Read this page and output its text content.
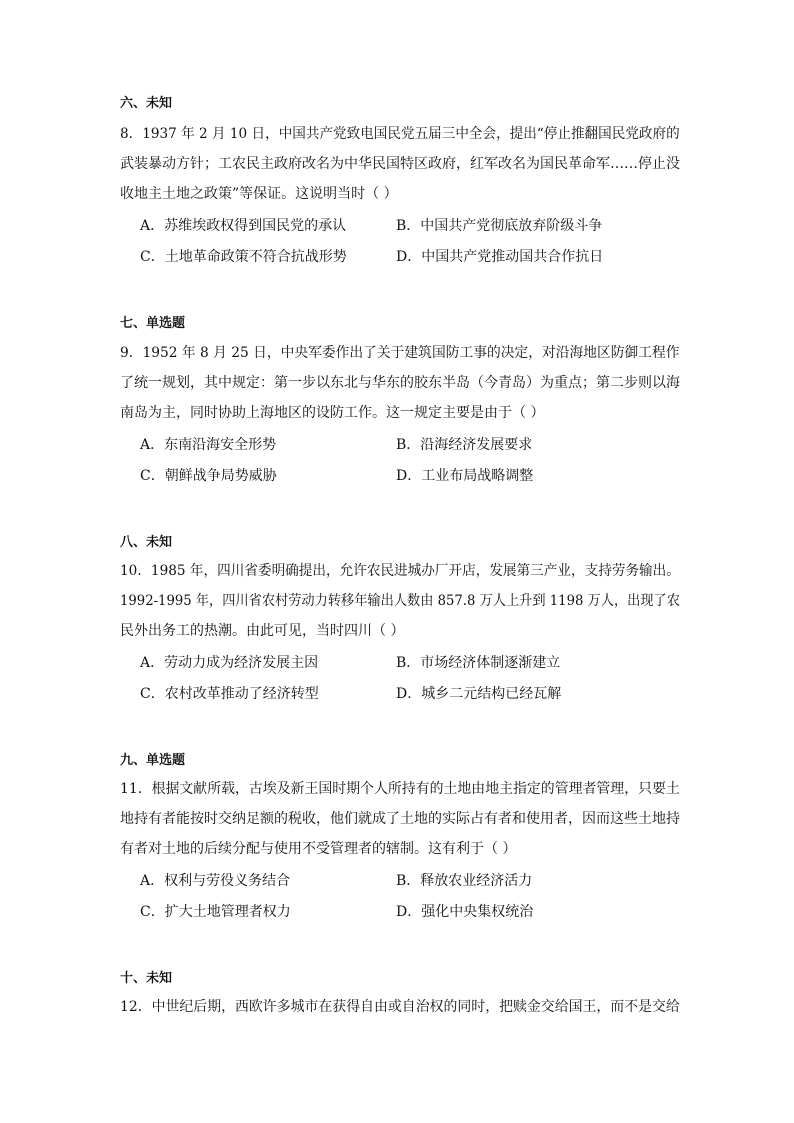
六、未知
8．1937 年 2 月 10 日，中国共产党致电国民党五届三中全会，提出“停止推翻国民党政府的
武装暴动方针；工农民主政府改名为中华民国特区政府，红军改名为国民革命军……停止没
收地主土地之政策”等保证。这说明当时（ ）
A．苏维埃政权得到国民党的承认	B．中国共产党彻底放弃阶级斗争
C．土地革命政策不符合抗战形势	D．中国共产党推动国共合作抗日
七、单选题
9．1952 年 8 月 25 日，中央军委作出了关于建筑国防工事的决定，对沿海地区防御工程作
了统一规划，其中规定：第一步以东北与华东的胶东半岛（今青岛）为重点；第二步则以海
南岛为主，同时协助上海地区的设防工作。这一规定主要是由于（ ）
A．东南沿海安全形势	B．沿海经济发展要求
C．朝鲜战争局势威胁	D．工业布局战略调整
八、未知
10．1985 年，四川省委明确提出，允许农民进城办厂开店，发展第三产业，支持劳务输出。
1992-1995 年，四川省农村劳动力转移年输出人数由 857.8 万人上升到 1198 万人，出现了农
民外出务工的热潮。由此可见，当时四川（ ）
A．劳动力成为经济发展主因	B．市场经济体制逐渐建立
C．农村改革推动了经济转型	D．城乡二元结构已经瓦解
九、单选题
11．根据文献所载，古埃及新王国时期个人所持有的土地由地主指定的管理者管理，只要土
地持有者能按时交纳足额的税收，他们就成了土地的实际占有者和使用者，因而这些土地持
有者对土地的后续分配与使用不受管理者的辖制。这有利于（ ）
A．权利与劳役义务结合	B．释放农业经济活力
C．扩大土地管理者权力	D．强化中央集权统治
十、未知
12．中世纪后期，西欧许多城市在获得自由或自治权的同时，把赎金交给国王，而不是交给
